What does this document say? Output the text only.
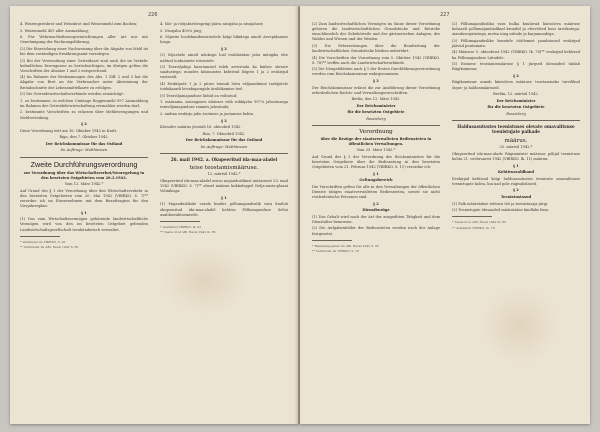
226

4. Weizengriesbrot und Weissbrot und Weizenmehl zum Backen;

5. Weizenmehl 405 aller Ausmahlung;

6. Für Wehrmachtsfürsorgeeinrichtungen aller Art nur mit Genehmigung der Rechnungsführung;

(2) Die Einreichung einer Nachweisung über die Abgabe von Mehl ist bei dem zuständigen Ernährungsamt vorzulegen.

(3) Bei der Verwendung einer Getreideart sind auch die im Verkehr befindlichen Erzeugnisse zu berücksichtigen; im übrigen gelten die Vorschriften der Absätze 1 und 2 entsprechend.

(4) Im Rahmen der Bestimmungen des Abs. 1 Ziff. 2 und 3 hat die Abgabe von Brot an die Verbraucher unter Abtrennung der Brotabschnitte der Lebensmittelkarte zu erfolgen.

(5) Die Getreidewirtschaftsverbände werden ermächtigt:

1. zu bestimmen, in welchen Umfange Roggenmehl 997 Ausmahlung im Rahmen der Getreidebewirtschaftung vermahlen werden darf;

2. bestimmte Vorschriften zu erlassen über Mehlerzeugungen und Mehlverteilung.

§ 2

Diese Verordnung tritt am 16. Oktober 1942 in Kraft.

Riga, den 7. Oktober 1942.

Der Reichskommissar für das Ostland

Im Auftrage: Matthiessen

Zweite Durchführungsverordnung

zur Verordnung über das Wirtschaftsverbot/Neuregelung in den besetzten Ostgebieten vom 26.3.1943.

Vom 12. März 1942.*

Auf Grund des § 1 der Verordnung über den Wirtschaftsverkehr in den besetzten Ostgebieten vom 20. Mai 1942 (VBlRKO. S. 7)** verordne ich im Einvernehmen mit dem Beauftragten für den Vierjahresplan:

§ 1

(1) Das zum Wirtschaftsvermögen gehörende landwirtschaftliche Vermögen wird von den im besetzten Ostgebiet geltenden Landwirtschaftsgesellschaft treuhänderisch verwaltet.

* Verkündet im VBlRKO. S. 92

** Verkündet im ABl. Reval 1942 S. 85

4. Söö- ja rõõjuksrõivaprügi jääva nisujahu ja nisujahust;

5. Nisujahu 405% järg;

6. Sõjaväe hoolekandeasutustele kõigi liikidega ainult Arvepidamise loaga.

§ 2

(2) Sõjaväele ainult nõukogu loal eraldatakse jahu müügiks ette nähtud toiduainete rõivastele.

(3) Teraviljaliigi kasutamisel tuleb arvestada ka käibes olevate saadustega; muudes küsimustes kehtivad lõigete 1 ja 2 eeskirjad vastavalt.

(4) Eeskirjade 1 ja 2 piires toimub leiva väljaandmine tarbijatele toidukaardi leivakupongide äralõikamise teel.

(5) Teraviljamajanduse liidud on volitatud:

1. määrama, missuguses ulatuses võib rukkijahu 997% jahvatusega teraviljamajanduse raames jahvatada;

2. andma eeskirju jahu tootmise ja jaotamise kohta.

§ 2

Käesolev määrus jõustub 16. oktoobril 1942.

Riia, 7. Oktoobril 1942.

Der Reichskommissar für das Ostland

Im Auftrage: Matthiessen

26. mail 1942. a. Okupeeritud ida-maa-aladel

teise teostamismääruse.

12. märtsil 1942.*

Okupeeritud ida-maa-aladel aruvu majanduslikust määrusest 20. mail 1942 (VBlRKO. S. 7)** alusel määran kokkuleppel Nelja-aasta-plaani Volinikuga:

§ 1

(1) Majanduslikule varale kuuluv põllumajanduslik vara kuulub okupeeritud ida-maa-aladel kehtiva Põllumajanduse Seltsi usaldusvalitsemisele.

* Avaldatud VBlRKO. lk. 92

** Teade nr.ul ABl. Reval 1942 lk. 85

227

(2) Zum landwirtschaftlichen Vermögen im Sinne dieser Verordnung gehören die landwirtschaftlichen Grundstücke und Betriebe einschliesslich der Zubehörteile und der gärtnerischen Anlagen, des Waldes und Wiesen und der Weiden.

(3) Die Erbersetzungen über die Bearbeitung der landwirtschaftlichen Grundstücke bleiben unberührt.

(4) Die Vorschriften der Verordnung vom 5. Oktober 1942 (VBlRKO. S. 78)** treffen auch die Landwirtschaftsverbände.

(5) Die Neugebildeten nach § 1 der Ersten Durchführungsverordnung werden vom Reichskommissar wahrgenommen.

§ 2

Der Reichskommissar erlässt die zur Ausführung dieser Verordnung erforderlichen Rechts- und Verwaltungsvorschriften.

Berlin, den 12. März 1942.

Der Reichsminister

für die besetzten Ostgebiete

Rosenberg

Verordnung

über die Bezüge der staatsverwalteten Bediensteten in öffentlichen Verwaltungen.

Vom 25. März 1942.*

Auf Grund des § 2 der Verordnung des Reichsministers für die besetzten Ostgebiete über die Bedienstung in den besetzten Ostgebieten vom 21. Februar 1942 (VBlRKO. S. 11) verordne ich:

§ 1

Geltungsbereich

Die Vorschriften gelten für alle in den Verwaltungen der öffentlichen Dienste tätigen staatsverwalteten Bediensteten, soweit sie nicht reichsdeutsche Personen sind.

§ 2

Dienstbezüge

(1) Das Gehalt wird nach der Art der ausgeübten Tätigkeit und dem Dienstalter bemessen.

(2) Die Aufgabenfelder der Bediensteten werden nach der Anlage festgesetzt.

* Bekanntgegeben im ABl. Reval 1942 S. 85

** Verkündet im VBlRKO. S. 78

(2) Põllumajandusliku vara hulka kuuluvad käesoleva määruse kohaselt põllumajanduslikud krundid ja ettevõtted koos tarvikutega, aiandusrajatistega, metsa ning niitude ja karjamaadega.

(3) Põllumajanduslike kruntide töötlemist puudutavad eeskirjad jäävad puutumata.

(4) Määruse 5. oktoobrist 1942 (VBlRKO. lk. 78)** eeskirjad kehtivad ka Põllumajanduse Liitudele.

(5) Esimese teostamismääruse § 1 järgsed ülesanded täidab Riigikomissar.

§ 2

Riigikomissar annab käesoleva määruse teostamiseks tarvilikud õigus- ja haldusmäärused.

Berliin, 12. märtsil 1942.

Der Reichsminister

für die besetzten Ostgebiete

Rosenberg

Haldusasutustes teenistuses olevate omavalitsuse teenistujate palkade

määrus.

25. märtsil 1942.*

Okupeeritud ida-maa-alade Riigiministri määruse põhjal teenistuse kohta 21. veebruarist 1942 (VBlRKO. lk. 11) määran:

§ 1

Kehtivusvaldkond

Eeskirjad kehtivad kõigi haldusasutustes teenivate omavalitsuse teenistujate kohta, kui nad pole riigisakslased.

§ 2

Teenistustasud

(1) Palk määratakse tehtava töö ja teenistusaja järgi.

(2) Teenistujate ülesanded määratakse kindlaks lisas.

* Teade nr.ul ABl. Reval 1942 lk. 85

** Avaldatud VBlRKO. lk. 78
